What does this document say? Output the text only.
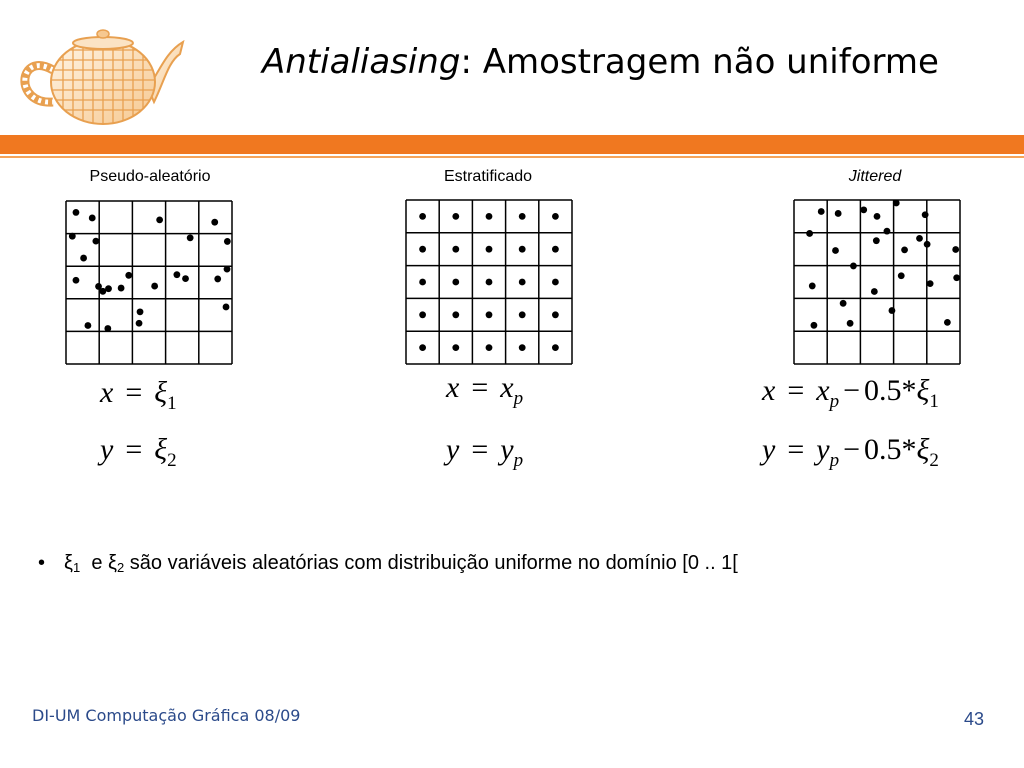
Antialiasing: Amostragem não uniforme
Pseudo-aleatório	Estratificado	Jittered
$x = \xi_1$
$y = \xi_2$
$x = x_p$
$y = y_p$
$x = x_p - 0.5*\xi_1$
$y = y_p - 0.5*\xi_2$
• $\xi_1$ e $\xi_2$ são variáveis aleatórias com distribuição uniforme no domínio [0 .. 1[
DI-UM Computação Gráfica 08/09	43
